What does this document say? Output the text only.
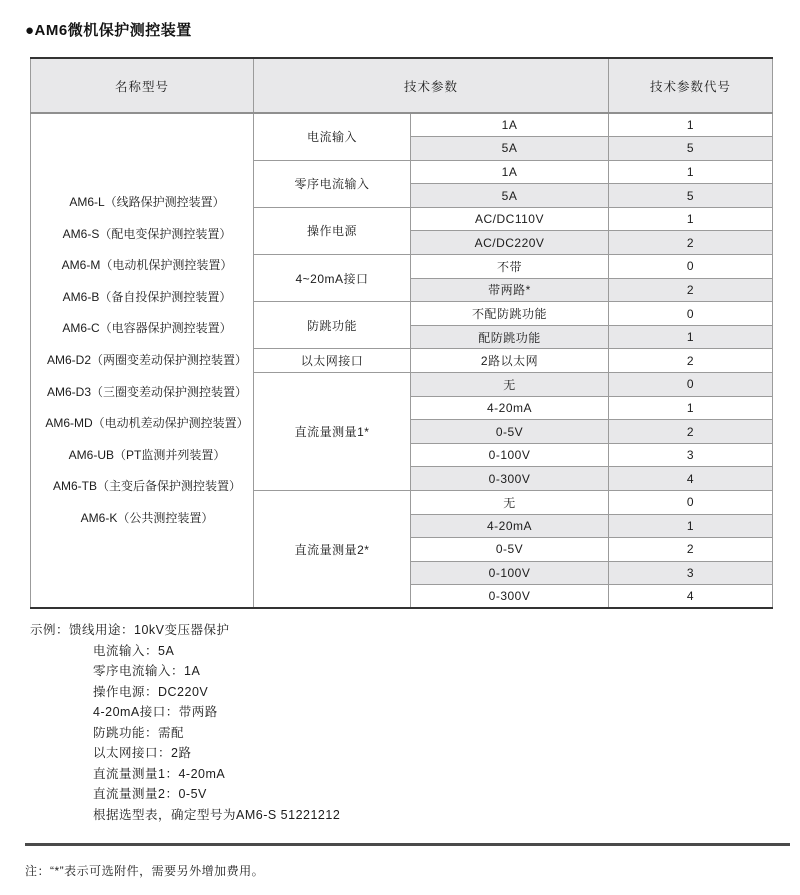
●AM6微机保护测控装置
名称型号	技术参数		技术参数代号

AM6-L（线路保护测控装置）
AM6-S（配电变保护测控装置）
AM6-M（电动机保护测控装置）
AM6-B（备自投保护测控装置）
AM6-C（电容器保护测控装置）
AM6-D2（两圈变差动保护测控装置）
AM6-D3（三圈变差动保护测控装置）
AM6-MD（电动机差动保护测控装置）
AM6-UB（PT监测并列装置）
AM6-TB（主变后备保护测控装置）
AM6-K（公共测控装置）
	电流输入	1A	1
		5A	5
	零序电流输入	1A	1
		5A	5
	操作电源	AC/DC110V	1
		AC/DC220V	2
	4~20mA接口	不带	0
		带两路*	2
	防跳功能	不配防跳功能	0
		配防跳功能	1
	以太网接口	2路以太网	2
	直流量测量1*	无	0
		4-20mA	1
		0-5V	2
		0-100V	3
		0-300V	4
	直流量测量2*	无	0
		4-20mA	1
		0-5V	2
		0-100V	3
		0-300V	4
示例：馈线用途：10kV变压器保护
电流输入：5A
零序电流输入：1A
操作电源：DC220V
4-20mA接口：带两路
防跳功能：需配
以太网接口：2路
直流量测量1：4-20mA
直流量测量2：0-5V
根据选型表，确定型号为AM6-S 51221212
注：“*”表示可选附件，需要另外增加费用。
